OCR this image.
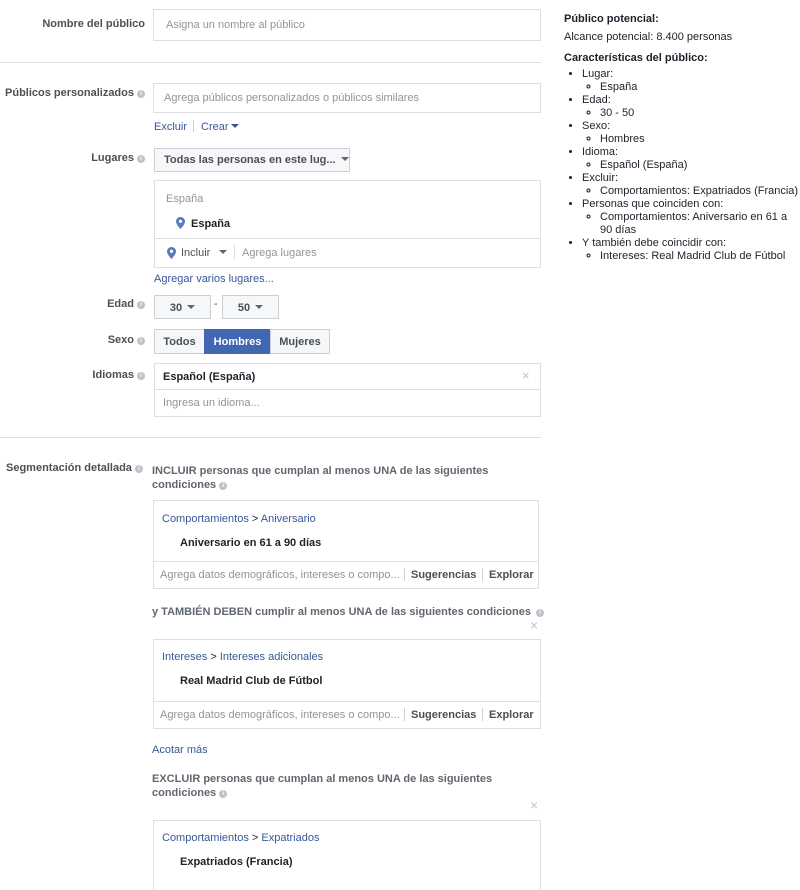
Nombre del público Asigna un nombre al público
Públicos personalizados i Agrega públicos personalizados o públicos similares
Excluir Crear
Lugares i	Todas las personas en este lug...
España
España
Incluir	Agrega lugares
Agregar varios lugares...
Edad i	30	-	50
Sexo i	Todos	Hombres	Mujeres
Idiomas i Español (España)	×
Ingresa un idioma...
Segmentación detallada i	INCLUIR personas que cumplan al menos UNA de las siguientes condiciones i
Comportamientos > Aniversario
Aniversario en 61 a 90 días
Agrega datos demográficos, intereses o compo... Sugerencias Explorar
y TAMBIÉN DEBEN cumplir al menos UNA de las siguientes condiciones i
×
Intereses > Intereses adicionales
Real Madrid Club de Fútbol
Agrega datos demográficos, intereses o compo... Sugerencias Explorar
Acotar más
EXCLUIR personas que cumplan al menos UNA de las siguientes condiciones i
×
Comportamientos > Expatriados
Expatriados (Francia)
Público potencial:
Alcance potencial: 8.400 personas
Características del público:
• Lugar:
◦ España
• Edad:
◦ 30 - 50
• Sexo:
◦ Hombres
• Idioma:
◦ Español (España)
• Excluir:
◦ Comportamientos: Expatriados (Francia)
• Personas que coinciden con:
◦ Comportamientos: Aniversario en 61 a 90 días
• Y también debe coincidir con:
◦ Intereses: Real Madrid Club de Fútbol
